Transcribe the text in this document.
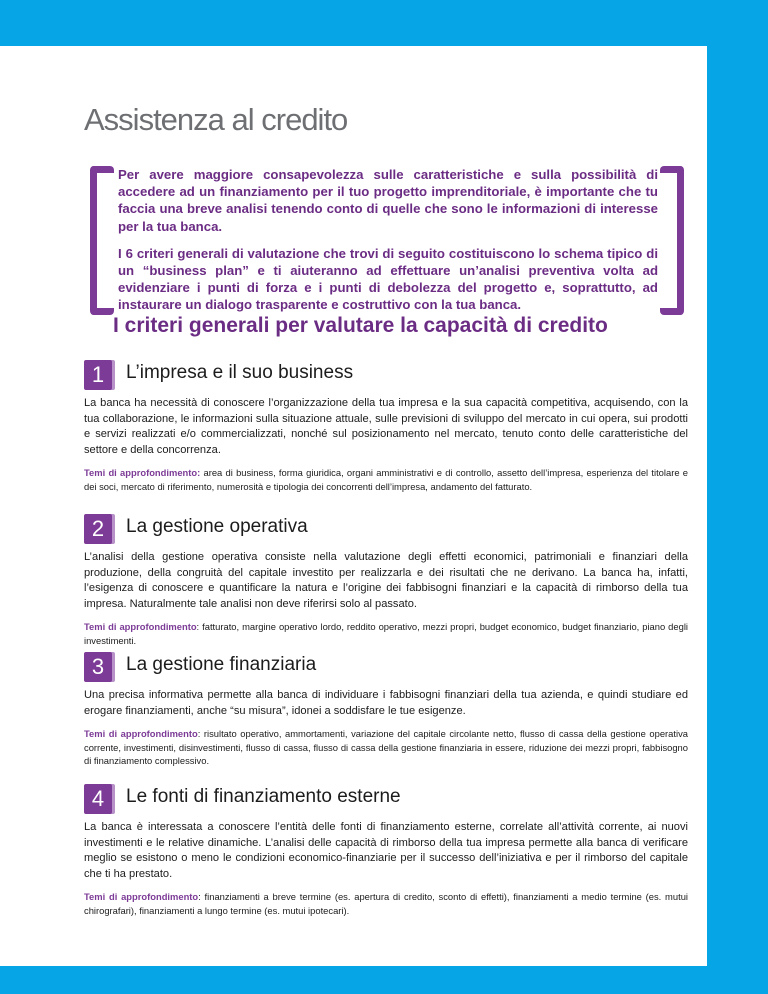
Assistenza al credito

Per avere maggiore consapevolezza sulle caratteristiche e sulla possibilità di accedere ad un finanziamento per il tuo progetto imprenditoriale, è importante che tu faccia una breve analisi tenendo conto di quelle che sono le informazioni di interesse per la tua banca.

I 6 criteri generali di valutazione che trovi di seguito costituiscono lo schema tipico di un “business plan” e ti aiuteranno ad effettuare un’analisi preventiva volta ad evidenziare i punti di forza e i punti di debolezza del progetto e, soprattutto, ad instaurare un dialogo trasparente e costruttivo con la tua banca.

I criteri generali per valutare la capacità di credito
1	L’impresa e il suo business

La banca ha necessità di conoscere l’organizzazione della tua impresa e la sua capacità competitiva, acquisendo, con la tua collaborazione, le informazioni sulla situazione attuale, sulle previsioni di sviluppo del mercato in cui opera, sui prodotti e servizi realizzati e/o commercializzati, nonché sul posizionamento nel mercato, tenuto conto delle caratteristiche del settore e della concorrenza.

Temi di approfondimento: area di business, forma giuridica, organi amministrativi e di controllo, assetto dell’impresa, esperienza del titolare e dei soci, mercato di riferimento, numerosità e tipologia dei concorrenti dell’impresa, andamento del fatturato.

2	La gestione operativa

L’analisi della gestione operativa consiste nella valutazione degli effetti economici, patrimoniali e finanziari della produzione, della congruità del capitale investito per realizzarla e dei risultati che ne derivano. La banca ha, infatti, l’esigenza di conoscere e quantificare la natura e l’origine dei fabbisogni finanziari e la capacità di rimborso della tua impresa. Naturalmente tale analisi non deve riferirsi solo al passato.

Temi di approfondimento: fatturato, margine operativo lordo, reddito operativo, mezzi propri, budget economico, budget finanziario, piano degli investimenti.

3	La gestione finanziaria

Una precisa informativa permette alla banca di individuare i fabbisogni finanziari della tua azienda, e quindi studiare ed erogare finanziamenti, anche “su misura”, idonei a soddisfare le tue esigenze.

Temi di approfondimento: risultato operativo, ammortamenti, variazione del capitale circolante netto, flusso di cassa della gestione operativa corrente, investimenti, disinvestimenti, flusso di cassa, flusso di cassa della gestione finanziaria in essere, riduzione dei mezzi propri, fabbisogno di finanziamento complessivo.

4	Le fonti di finanziamento esterne

La banca è interessata a conoscere l’entità delle fonti di finanziamento esterne, correlate all’attività corrente, ai nuovi investimenti e le relative dinamiche. L’analisi delle capacità di rimborso della tua impresa permette alla banca di verificare meglio se esistono o meno le condizioni economico-finanziarie per il successo dell’iniziativa e per il rimborso del capitale che ti ha prestato.

Temi di approfondimento: finanziamenti a breve termine (es. apertura di credito, sconto di effetti), finanziamenti a medio termine (es. mutui chirografari), finanziamenti a lungo termine (es. mutui ipotecari).
